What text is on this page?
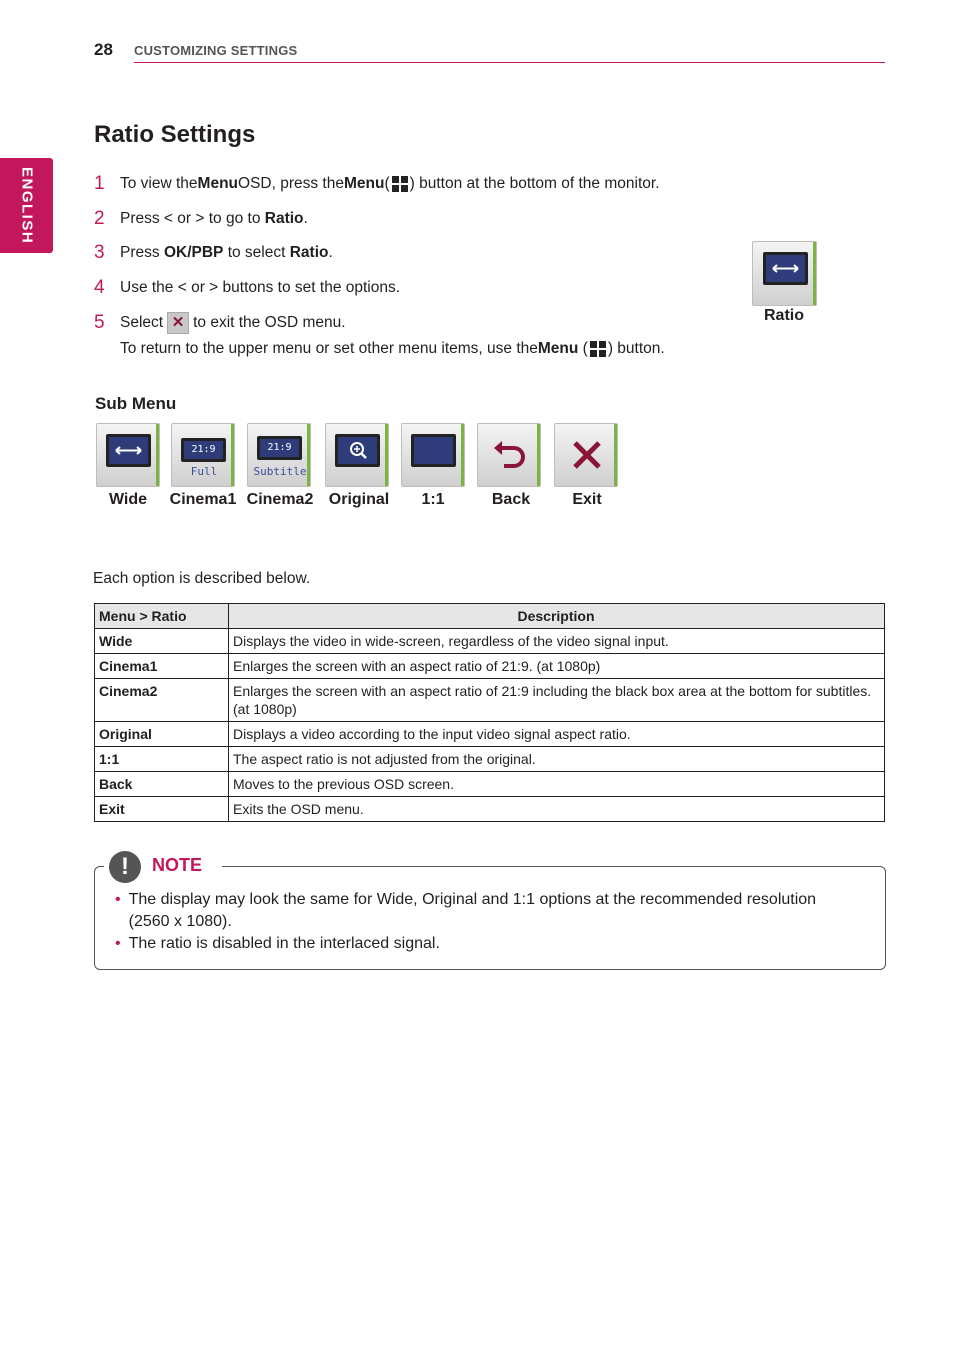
28 CUSTOMIZING SETTINGS
ENGLISH
Ratio Settings
1 To view the Menu OSD, press the Menu ( ) button at the bottom of the monitor.
2 Press < or > to go to
Ratio .
3 Press
OK/PBP
to select
Ratio .
4 Use the < or > buttons to set the options.
5 Select ✕ to exit the OSD menu.
To return to the upper menu or set other menu items, use the Menu
( ) button.
Ratio
Sub Menu
21:9
Full
21:9
Subtitle
Wide	Cinema1 Cinema2 Original	1:1	Back	Exit
Each option is described below.
Menu > Ratio	Description
Wide	Displays the video in wide-screen, regardless of the video signal input.
Cinema1	Enlarges the screen with an aspect ratio of 21:9. (at 1080p)
Cinema2	Enlarges the screen with an aspect ratio of 21:9 including the black box area at the bottom for subtitles. (at 1080p)
Original	Displays a video according to the input video signal aspect ratio.
1:1	The aspect ratio is not adjusted from the original.
Back	Moves to the previous OSD screen.
Exit	Exits the OSD menu.
!	NOTE
• The display may look the same for Wide, Original and 1:1 options at the recommended resolution (2560 x 1080).
• The ratio is disabled in the interlaced signal.
